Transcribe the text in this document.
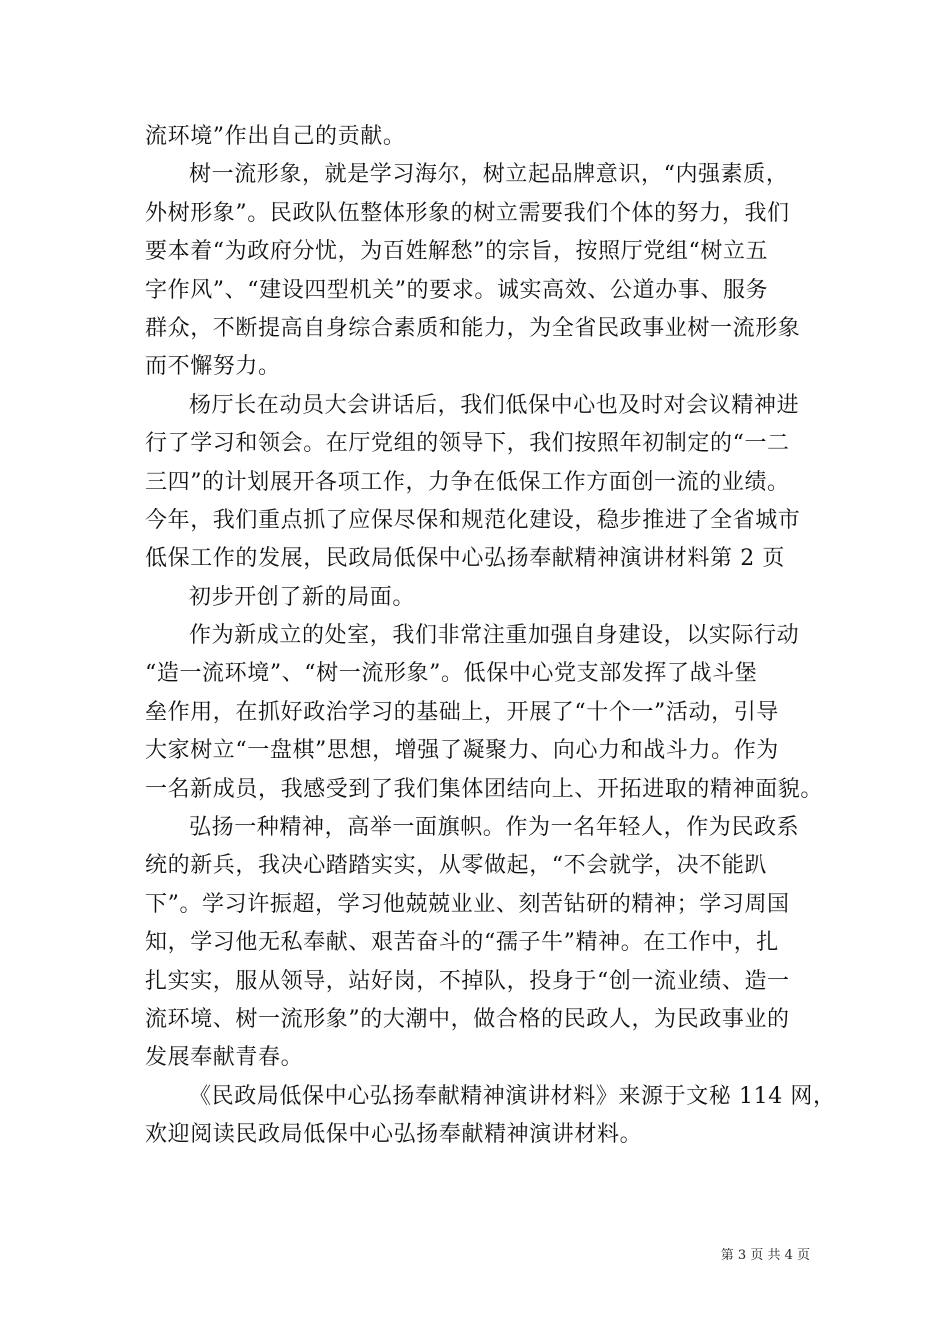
流环境”作出自己的贡献。
树一流形象，就是学习海尔，树立起品牌意识，“内强素质，
外树形象”。民政队伍整体形象的树立需要我们个体的努力，我们
要本着“为政府分忧，为百姓解愁”的宗旨，按照厅党组“树立五
字作风”、“建设四型机关”的要求。诚实高效、公道办事、服务
群众，不断提高自身综合素质和能力，为全省民政事业树一流形象
而不懈努力。
杨厅长在动员大会讲话后，我们低保中心也及时对会议精神进
行了学习和领会。在厅党组的领导下，我们按照年初制定的“一二
三四”的计划展开各项工作，力争在低保工作方面创一流的业绩。
今年，我们重点抓了应保尽保和规范化建设，稳步推进了全省城市
低保工作的发展，民政局低保中心弘扬奉献精神演讲材料第 2 页
初步开创了新的局面。
作为新成立的处室，我们非常注重加强自身建设，以实际行动
“造一流环境”、“树一流形象”。低保中心党支部发挥了战斗堡
垒作用，在抓好政治学习的基础上，开展了“十个一”活动，引导
大家树立“一盘棋”思想，增强了凝聚力、向心力和战斗力。作为
一名新成员，我感受到了我们集体团结向上、开拓进取的精神面貌。
弘扬一种精神，高举一面旗帜。作为一名年轻人，作为民政系
统的新兵，我决心踏踏实实，从零做起，“不会就学，决不能趴
下”。学习许振超，学习他兢兢业业、刻苦钻研的精神；学习周国
知，学习他无私奉献、艰苦奋斗的“孺子牛”精神。在工作中，扎
扎实实，服从领导，站好岗，不掉队，投身于“创一流业绩、造一
流环境、树一流形象”的大潮中，做合格的民政人，为民政事业的
发展奉献青春。
《民政局低保中心弘扬奉献精神演讲材料》来源于文秘 114 网，
欢迎阅读民政局低保中心弘扬奉献精神演讲材料。
第 3 页 共 4 页
